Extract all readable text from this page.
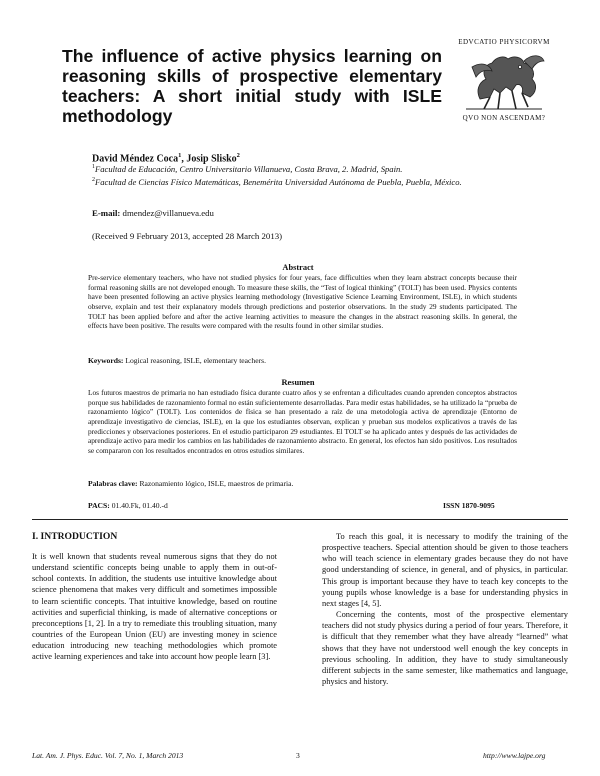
The influence of active physics learning on reasoning skills of prospective elementary teachers: A short initial study with ISLE methodology
EDVCATIO PHYSICORVM
QVO NON ASCENDAM?
David Méndez Coca$^1$, Josip Slisko$^2$

$^1$Facultad de Educación, Centro Universitario Villanueva, Costa Brava, 2. Madrid, Spain.

$^2$Facultad de Ciencias Físico Matemáticas, Benemérita Universidad Autónoma de Puebla, Puebla, México.

E-mail: dmendez@villanueva.edu
(Received 9 February 2013, accepted 28 March 2013)
Abstract

Pre-service elementary teachers, who have not studied physics for four years, face difficulties when they learn abstract concepts because their formal reasoning skills are not developed enough. To measure these skills, the “Test of logical thinking” (TOLT) has been used. Physics contents have been presented following an active physics learning methodology (Investigative Science Learning Environment, ISLE), in which students observe, explain and test their explanatory models through predictions and posterior observations. In the study 29 students participated. The TOLT has been applied before and after the active learning activities to measure the changes in the abstract reasoning skills. In general, the effects have been positive. The results were compared with the results found in other similar studies.

Keywords: Logical reasoning, ISLE, elementary teachers.
Resumen

Los futuros maestros de primaria no han estudiado física durante cuatro años y se enfrentan a dificultades cuando aprenden conceptos abstractos porque sus habilidades de razonamiento formal no están suficientemente desarrolladas. Para medir estas habilidades, se ha utilizado la “prueba de razonamiento lógico” (TOLT). Los contenidos de física se han presentado a raíz de una metodología activa de aprendizaje (Entorno de aprendizaje investigativo de ciencias, ISLE), en la que los estudiantes observan, explican y prueban sus modelos explicativos a través de las predicciones y observaciones posteriores. En el estudio participaron 29 estudiantes. El TOLT se ha aplicado antes y después de las actividades de aprendizaje activo para medir los cambios en las habilidades de razonamiento abstracto. En general, los efectos han sido positivos. Los resultados se compararon con los resultados encontrados en otros estudios similares.

Palabras clave: Razonamiento lógico, ISLE, maestros de primaria.
PACS: 01.40.Fk, 01.40.-d	ISSN 1870-9095
I. INTRODUCTION

It is well known that students reveal numerous signs that they do not understand scientific concepts being unable to apply them in out-of-school contexts. In addition, the students use intuitive knowledge about science phenomena that makes very difficult and sometimes impossible to learn scientific concepts. That intuitive knowledge, based on routine activities and superficial thinking, is made of alternative conceptions or preconceptions [1, 2]. In a try to remediate this troubling situation, many countries of the European Union (EU) are investing money in science education introducing new teaching methodologies which promote active learning experiences and take into account how people learn [3].

To reach this goal, it is necessary to modify the training of the prospective teachers. Special attention should be given to those teachers who will teach science in elementary grades because they do not have good understanding of science, in general, and of physics, in particular. This group is important because they have to teach key concepts to the young pupils whose knowledge is a base for understanding physics in next stages [4, 5].

Concerning the contents, most of the prospective elementary teachers did not study physics during a period of four years. Therefore, it is difficult that they remember what they have already “learned” what shows that they have not understood well enough the key concepts in previous schooling. In addition, they have to study simultaneously different subjects in the same semester, like mathematics and language, physics and history.

Lat. Am. J. Phys. Educ. Vol. 7, No. 1, March 2013	3	http://www.lajpe.org
